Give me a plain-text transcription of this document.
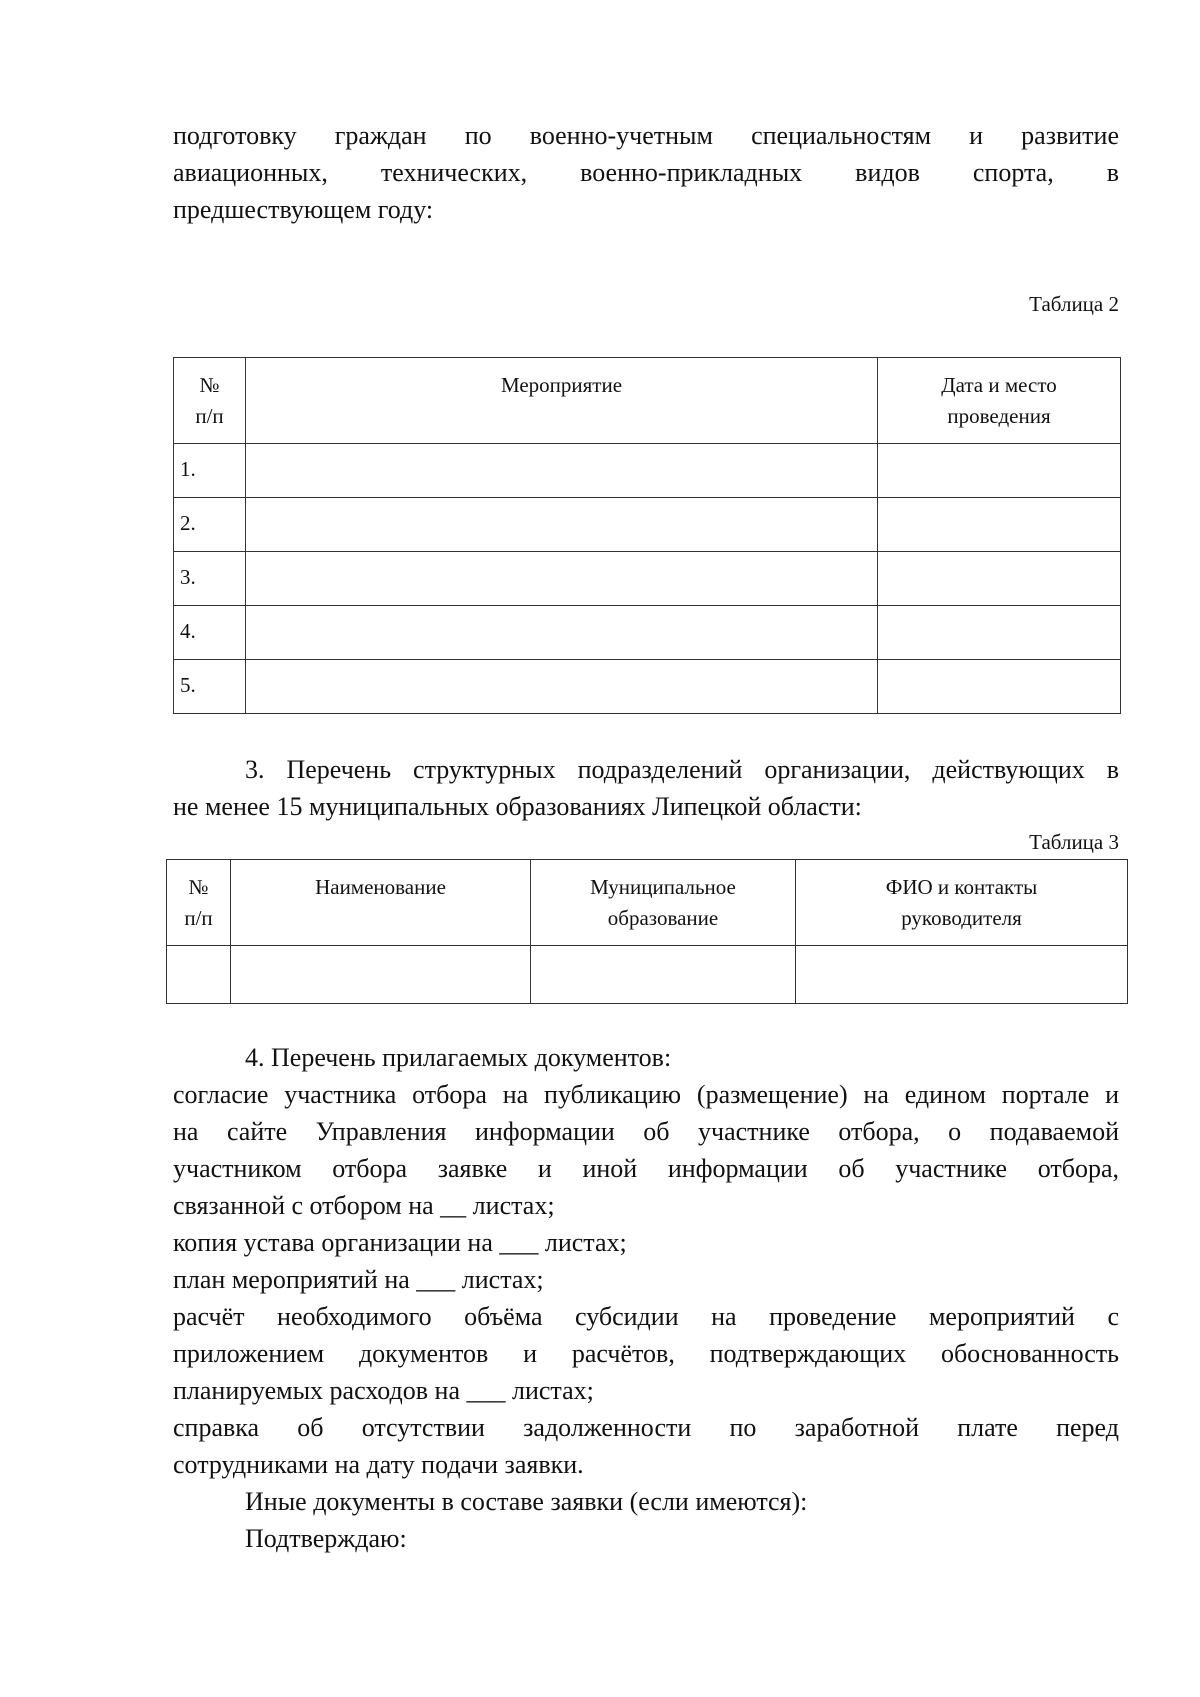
подготовку граждан по военно-учетным специальностям и развитие

авиационных, технических, военно-прикладных видов спорта, в

предшествующем году:

Таблица 2
№
п/п	Мероприятие	Дата и место
проведения
1.		
2.		
3.		
4.		
5.		

3. Перечень структурных подразделений организации, действующих в

не менее 15 муниципальных образованиях Липецкой области:

Таблица 3
№
п/п	Наименование	Муниципальное
образование	ФИО и контакты
руководителя

4. Перечень прилагаемых документов:

согласие участника отбора на публикацию (размещение) на едином портале и

на сайте Управления информации об участнике отбора, о подаваемой

участником отбора заявке и иной информации об участнике отбора,

связанной с отбором на __ листах;

копия устава организации на ___ листах;

план мероприятий на ___ листах;

расчёт необходимого объёма субсидии на проведение мероприятий с

приложением документов и расчётов, подтверждающих обоснованность

планируемых расходов на ___ листах;

справка об отсутствии задолженности по заработной плате перед

сотрудниками на дату подачи заявки.

Иные документы в составе заявки (если имеются):

Подтверждаю:
